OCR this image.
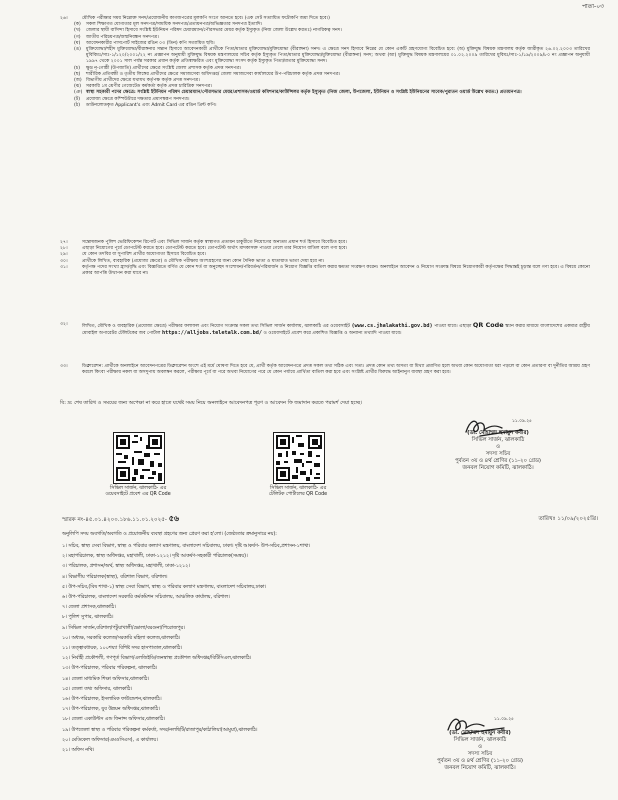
পাতা-০৩
২৬।	মৌখিক পরীক্ষার সময় নিম্নোক্ত সনদ/প্রয়োজনীয় কাগজপত্রের মূলকপি সংগে আনতে হবে। (এক সেট সত্যায়িত ফটোকপি জমা দিতে হবে।)
(ক)	সকল শিক্ষাগত যোগ্যতার মূল সনদপত্র/সাময়িক সনদপত্র/প্রত্যয়নপত্র/অভিজ্ঞতার সনদপত্র ইত্যাদি।
(খ)	জেলার স্থায়ী বাসিন্দা হিসাবে সংশ্লিষ্ট ইউনিয়ন পরিষদ চেয়ারম্যান/পৌরসভার মেয়র কর্তৃক ইস্যুকৃত (নিজ জেলা উল্লেখ করতঃ) নাগরিকত্ব সনদ।
(গ)	জাতীয় পরিচয়পত্র/জন্মনিবন্ধন সনদপত্র।
(ঘ)	আবেদনকারীর পাসপোর্ট সাইজের রঙিন ০৩ (তিন) কপি সত্যায়িত ছবি।
(ঙ)	মুক্তিযোদ্ধা/শহীদ মুক্তিযোদ্ধা/বীরাঙ্গনার সন্তান হিসাবে আবেদনকারী প্রার্থীকে পিতা/মাতার মুক্তিযোদ্ধা/মুক্তিযোদ্ধা (বীরাঙ্গনা) সনদ। এ ক্ষেত্রে সনদ হিসাবে নিম্নের যে কোন একটি গ্রহণযোগ্য বিবেচিত হবে: (অ) মুক্তিযুদ্ধ বিষয়ক মন্ত্রণালয় কর্তৃক জারীকৃত ২৬.০২.২০০৩ তারিখের মুবিবিমঃ/সাঃ-১/১২০/২০০১/২২ নং প্রজ্ঞাপন অনুযায়ী মুক্তিযুদ্ধ বিষয়ক মন্ত্রণালয়ের সচিব কর্তৃক ইস্যুকৃত পিতা/মাতার মুক্তিযোদ্ধা/মুক্তিযোদ্ধা (বীরাঙ্গনা) সনদ; অথবা (আ) মুক্তিযুদ্ধ বিষয়ক মন্ত্রণালয়ের ০১.০২.২০০৯ তারিখের মুবিমঃ/সাঃ-১/১৯/২০০৯/৮০ নং প্রজ্ঞাপন অনুযায়ী ১৯৯৭ থেকে ২০০১ সাল পর্যন্ত সরকার প্রধান কর্তৃক প্রতিস্বাক্ষরিত এবং মুক্তিযোদ্ধা সংসদ কর্তৃক ইস্যুকৃত পিতা/মাতার মুক্তিযোদ্ধা সনদ।
(চ)	ক্ষুদ্র নৃ-গোষ্ঠী (উপজাতি) প্রার্থীদের ক্ষেত্রে সংশ্লিষ্ট জেলা প্রশাসক কর্তৃক প্রদত্ত সনদপত্র।
(ছ)	শারীরিক প্রতিবন্ধী ও তৃতীয় লিঙ্গের প্রার্থীদের ক্ষেত্রে সমাজসেবা অধিদপ্তর/ জেলা সমাজসেবা কার্যালয়ের উপ-পরিচালক কর্তৃক প্রদত্ত সনদপত্র।
(জ) বিভাগীয় প্রার্থীদের ক্ষেত্রে যথাযথ কর্তৃপক্ষ কর্তৃক প্রদত্ত সনদপত্র।
(ঝ)	সরকারি ১ম শ্রেণীর গেজেটেড কর্মকর্তা কর্তৃক প্রদত্ত চারিত্রিক সনদপত্র।
(ঞ) স্বাস্থ্য সহকারী পদের ক্ষেত্রে: সংশ্লিষ্ট ইউনিয়ন পরিষদ চেয়ারম্যান/পৌরসভার মেয়র/প্রশাসক/ওয়ার্ড কমিশনার/কাউন্সিলর কর্তৃক ইস্যুকৃত (নিজ জেলা, উপজেলা, ইউনিয়ন ও সংশ্লিষ্ট ইউনিয়নের সাবেক/পুরাতন ওয়ার্ড উল্লেখ করত:) প্রত্যয়নপত্র।
(ট)	প্রযোজ্য ক্ষেত্রে কম্পিউটারে দক্ষতার প্রমাণস্বরূপ সনদপত্র।
(ঠ)	ডাউনলোডকৃত Applicant's এবং Admit Card এর রঙিন প্রিন্ট কপি।
২৭।	সন্তোষজনক পুলিশ ভেরিফিকেশন রিপোর্ট এবং সিভিল সার্জন কর্তৃক স্বাস্থ্যগত প্রত্যয়ন চাকুরীতে নিয়োগের অন্যতম প্রধান শর্ত হিসাবে বিবেচিত হবে।
২৮।	এছাড়া নিয়োগের পূর্বে ডোপটেস্ট করতে হবে। ডোপটেস্ট করতে হবে। ডোপটেস্ট অর্থাৎ মাদকাসক্ত পাওয়া গেলে তার নিয়োগ বাতিল বলে গণ্য হবে।
২৯।	যে কোন তদবির বা সুপারিশ প্রার্থীর অযোগ্যতা হিসাবে বিবেচিত হবে।
৩০।	প্রার্থীকে লিখিত, ব্যবহারিক (প্রযোজ্য ক্ষেত্রে) ও মৌখিক পরীক্ষায় অংশগ্রহণের জন্য কোন দৈনিক ভাতা ও যাতায়াত ভাতা দেয়া হবে না।
৩১।	কর্তৃপক্ষ পদের সংখ্যা হ্রাস/বৃদ্ধি এবং বিজ্ঞপ্তিতে বর্ণিত যে কোন শর্ত বা অনুচ্ছেদ সংশোধন/পরিবর্তন/পরিমার্জন ও নিয়োগ বিজ্ঞপ্তি বাতিল করার ক্ষমতা সংরক্ষণ করেন। অনলাইনে আবেদন ও নিয়োগ সংক্রান্ত বিষয়ে নিয়োগকারী কর্তৃপক্ষের সিদ্ধান্তই চূড়ান্ত বলে গণ্য হবে। এ বিষয়ে কোনো প্রকার আপত্তি উত্থাপন করা যাবে না।
৩২।	লিখিত, মৌখিক ও ব্যবহারিক (প্রযোজ্য ক্ষেত্রে) পরীক্ষার ফলাফল এবং নিয়োগ সংক্রান্ত সকল তথ্য সিভিল সার্জন কার্যালয়, ঝালকাঠি এর ওয়েবসাইট (www.cs.jhalakathi.gov.bd) পাওয়া যাবে। এছাড়া QR Code স্ক্যান করার মাধ্যমে বাংলাদেশের একমাত্র রাষ্ট্রীয় মোবাইল অপারেটর টেলিটকের জব পোর্টাল https://alljobs.teletalk.com.bd/ ও ওয়েবসাইটে প্রবেশ করে প্রকাশিত বিজ্ঞপ্তি ও অন্যান্য তথ্যাদি পাওয়া যাবে।
৩৩।	ডিক্লারেশন: প্রার্থীকে অনলাইনে আবেদনপত্রের ডিক্লারেশন অংশে এই মর্মে ঘোষণা দিতে হবে যে, প্রার্থী কর্তৃক আবেদনপত্রে প্রদত্ত সকল তথ্য সঠিক এবং সত্য। প্রদত্ত কোন তথ্য অসত্য বা মিথ্যা প্রমাণিত হলে অথবা কোন অযোগ্যতা ধরা পড়লে বা কোন প্রতারণা বা দুর্নীতির আশ্রয় গ্রহণ করলে কিংবা পরীক্ষায় নকল বা অসদুপায় অবলম্বন করলে, পরীক্ষার পূর্বে বা পরে অথবা নিয়োগের পরে যে কোন পর্যায়ে প্রার্থিতা বাতিল করা হবে এবং সংশ্লিষ্ট প্রার্থীর বিরুদ্ধে আইনানুগ ব্যবস্থা গ্রহণ করা হবে।
বি: দ্র: শেষ তারিখ ও সময়ের জন্য অপেক্ষা না করে হাতে যথেষ্ট সময় নিয়ে অনলাইনে আবেদনপত্র পূরণ ও আবেদন ফি জমাদান করতে পরামর্শ দেয়া হচ্ছে।
সিভিল সার্জন, ঝালকাঠি- এর
ওয়েবসাইটে প্রবেশ এর QR Code
সিভিল সার্জন, ঝালকাঠি- এর
টেলিটক পোর্টালের QR Code
১১.০৯.২৫
(ডা. মোহাম্মদ হুমায়ুন কবীর)
সিভিল সার্জন, ঝালকাঠি
ও
সদস্য সচিব
পুর্বতন ৩য় ও ৪র্থ শ্রেণির (১১-২০ গ্রেড)
জনবল নিয়োগ কমিটি, ঝালকাঠি।
স্মারক নং-৪৫.০১.৪২০০.১৮৬.১১.০১.২০২৫- ৫৬	তারিখঃ ১১/০৯/২০২৫খ্রি।
অনুলিপি সদয় অবগতি/অবগতি ও প্রয়োজনীয় ব্যবস্থা গ্রহণের জন্য প্রেরণ করা হ'লো। (জেষ্ঠ্যতার ক্রমানুসারে নয়):
১। সচিব, স্বাস্থ্য সেবা বিভাগ, স্বাস্থ্য ও পরিবার কল্যাণ মন্ত্রণালয়, বাংলাদেশ সচিবালয়, ঢাকা। দৃষ্টি আকর্ষণ- উপ-সচিব,প্রশাসন-১শাখা।
২। মহাপরিচালক, স্বাস্থ্য অধিদপ্তর, মহাখালী, ঢাকা-১২১২। দৃষ্টি আকর্ষণ-সহকারী পরিচালক(সমন্বয়)।
৩। পরিচালক, প্রশাসন/অর্থ, স্বাস্থ্য অধিদপ্তর, মহাখালী, ঢাকা-১২১২।
৪। বিভাগীয় পরিচালক(স্বাস্থ্য), বরিশাল বিভাগ, বরিশাল।
৫। উপ-সচিব,(বিষ শাখা-১) স্বাস্থ্য সেবা বিভাগ, স্বাস্থ্য ও পরিবার কল্যাণ মন্ত্রণালয়, বাংলাদেশ সচিবালয়,ঢাকা।
৬। উপ-পরিচালক, বাংলাদেশ সরকারি কর্মকমিশন সচিবালয়, আঞ্চলিক কার্যালয়, বরিশাল।
৭। জেলা প্রশাসক,ঝালকাঠি।
৮। পুলিশ সুপার, ঝালকাঠি।
৯। সিভিল সার্জন,বরিশাল/পটুয়াখালী/ভোলা/বরগুনা/পিরোজপুর।
১০। অধ্যক্ষ, সরকারি কলেজ/সরকারি মহিলা কলেজ,ঝালকাঠি।
১১। তত্ত্বাবধায়ক, ১০০শয্যা বিশিষ্ট সদর হাসপাতাল,ঝালকাঠি।
১২। নির্বাহী প্রকৌশলী, গণপূর্ত বিভাগ/এলজিইডি/জনস্বাস্থ্য প্রকৌশল অধিদপ্তর/বিটিসিএল,ঝালকাঠি।
১৩। উপ-পরিচালক, পরিবার পরিকল্পনা, ঝালকাঠি।
১৪। জেলা মাধ্যমিক শিক্ষা অফিসার,ঝালকাঠি।
১৫। জেলা তথ্য অফিসার, ঝালকাঠি।
১৬। উপ-পরিচালক, ইসলামিক ফাউন্ডেশন,ঝালকাঠি।
১৭। উপ-পরিচালক, যুব উন্নয়ন অধিদপ্তর,ঝালকাঠি।
১৮। জেলা একাউন্টস এন্ড ফিনান্স অফিসার,ঝালকাঠি।
১৯। উপজেলা স্বাস্থ্য ও পরিবার পরিকল্পনা কর্মকর্তা, সদর/নলছিটি/রাজাপুর/কাঠালিয়া(আমুয়া),ঝালকাঠি।
২০। মেডিকেল অফিসার(এমওসিএস), এ কার্যালয়।
২১। অফিস নথি।
১১.০৯.২৫
(ডা. মোহাম্মদ হুমায়ুন কবীর)
সিভিল সার্জন, ঝালকাঠি
ও
সদস্য সচিব
পুর্বতন ৩য় ও ৪র্থ শ্রেণির (১১-২০ গ্রেড)
জনবল নিয়োগ কমিটি, ঝালকাঠি।
